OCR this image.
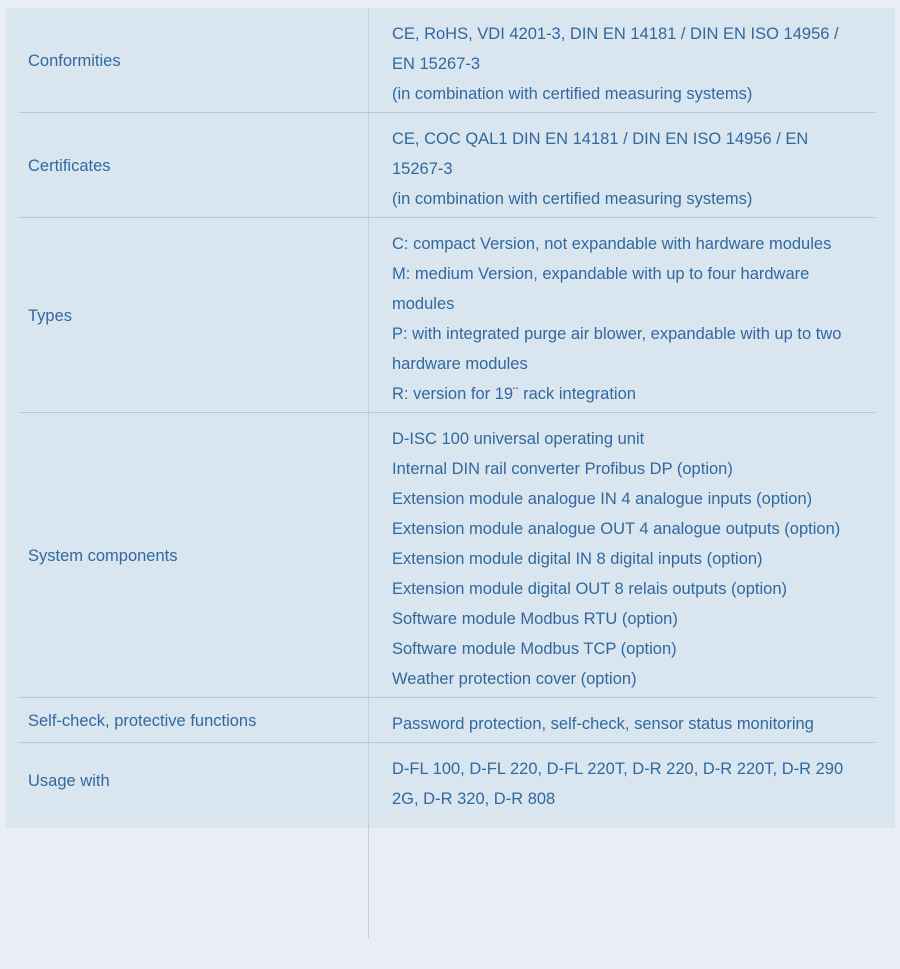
Conformities
CE, RoHS, VDI 4201-3, DIN EN 14181 / DIN EN ISO 14956 / EN 15267-3
(in combination with certified measuring systems)
Certificates
CE, COC QAL1 DIN EN 14181 / DIN EN ISO 14956 / EN 15267-3
(in combination with certified measuring systems)
Types
C: compact Version, not expandable with hardware modules
M: medium Version, expandable with up to four hardware modules
P: with integrated purge air blower, expandable with up to two hardware modules
R: version for 19¨ rack integration
System components
D-ISC 100 universal operating unit
Internal DIN rail converter Profibus DP (option)
Extension module analogue IN 4 analogue inputs (option)
Extension module analogue OUT 4 analogue outputs (option)
Extension module digital IN 8 digital inputs (option)
Extension module digital OUT 8 relais outputs (option)
Software module Modbus RTU (option)
Software module Modbus TCP (option)
Weather protection cover (option)
Self-check, protective functions	Password protection, self-check, sensor status monitoring
Usage with
D-FL 100, D-FL 220, D-FL 220T, D-R 220, D-R 220T, D-R 290 2G, D-R 320, D-R 808
